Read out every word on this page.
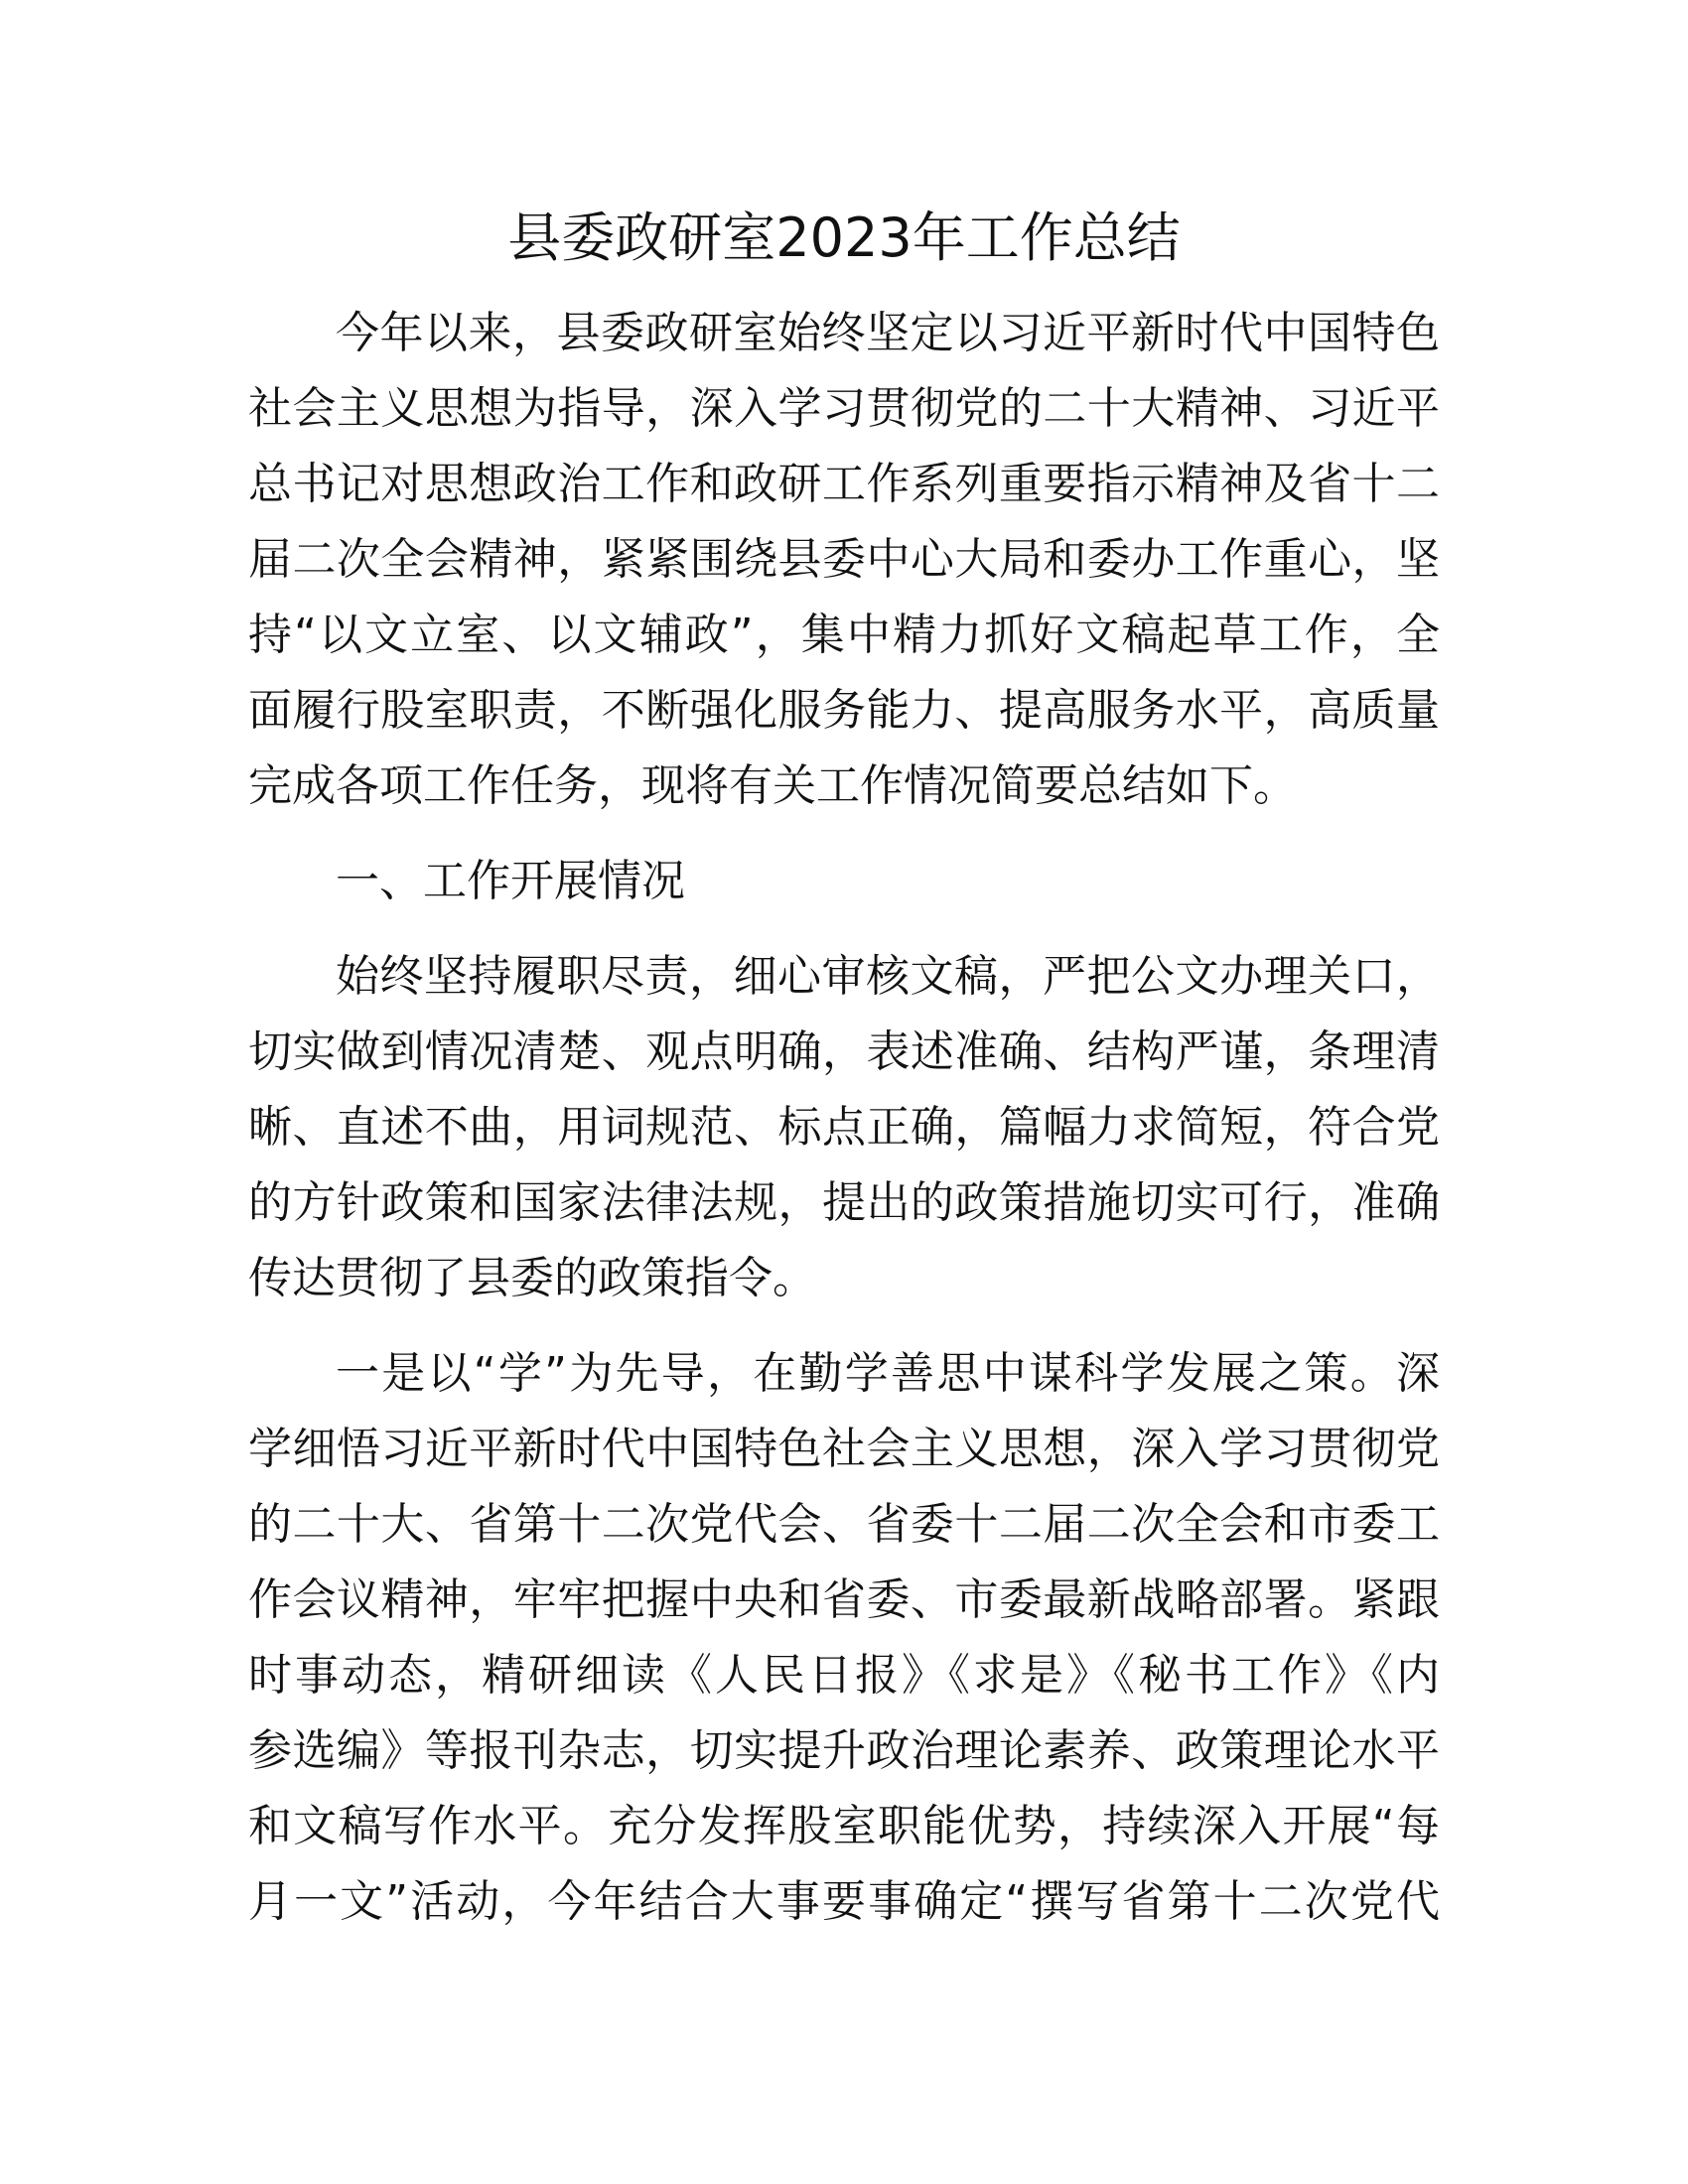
县委政研室2023年工作总结

今年以来，县委政研室始终坚定以习近平新时代中国特色
社会主义思想为指导，深入学习贯彻党的二十大精神、习近平
总书记对思想政治工作和政研工作系列重要指示精神及省十二
届二次全会精神，紧紧围绕县委中心大局和委办工作重心，坚
持“以文立室、以文辅政”，集中精力抓好文稿起草工作，全
面履行股室职责，不断强化服务能力、提高服务水平，高质量
完成各项工作任务，现将有关工作情况简要总结如下。

一、工作开展情况

始终坚持履职尽责，细心审核文稿，严把公文办理关口，
切实做到情况清楚、观点明确，表述准确、结构严谨，条理清
晰、直述不曲，用词规范、标点正确，篇幅力求简短，符合党
的方针政策和国家法律法规，提出的政策措施切实可行，准确
传达贯彻了县委的政策指令。

一是以“学”为先导，在勤学善思中谋科学发展之策。深
学细悟习近平新时代中国特色社会主义思想，深入学习贯彻党
的二十大、省第十二次党代会、省委十二届二次全会和市委工
作会议精神，牢牢把握中央和省委、市委最新战略部署。紧跟
时事动态，精研细读《人民日报》《求是》《秘书工作》《内
参选编》等报刊杂志，切实提升政治理论素养、政策理论水平
和文稿写作水平。充分发挥股室职能优势，持续深入开展“每
月一文”活动，今年结合大事要事确定“撰写省第十二次党代
